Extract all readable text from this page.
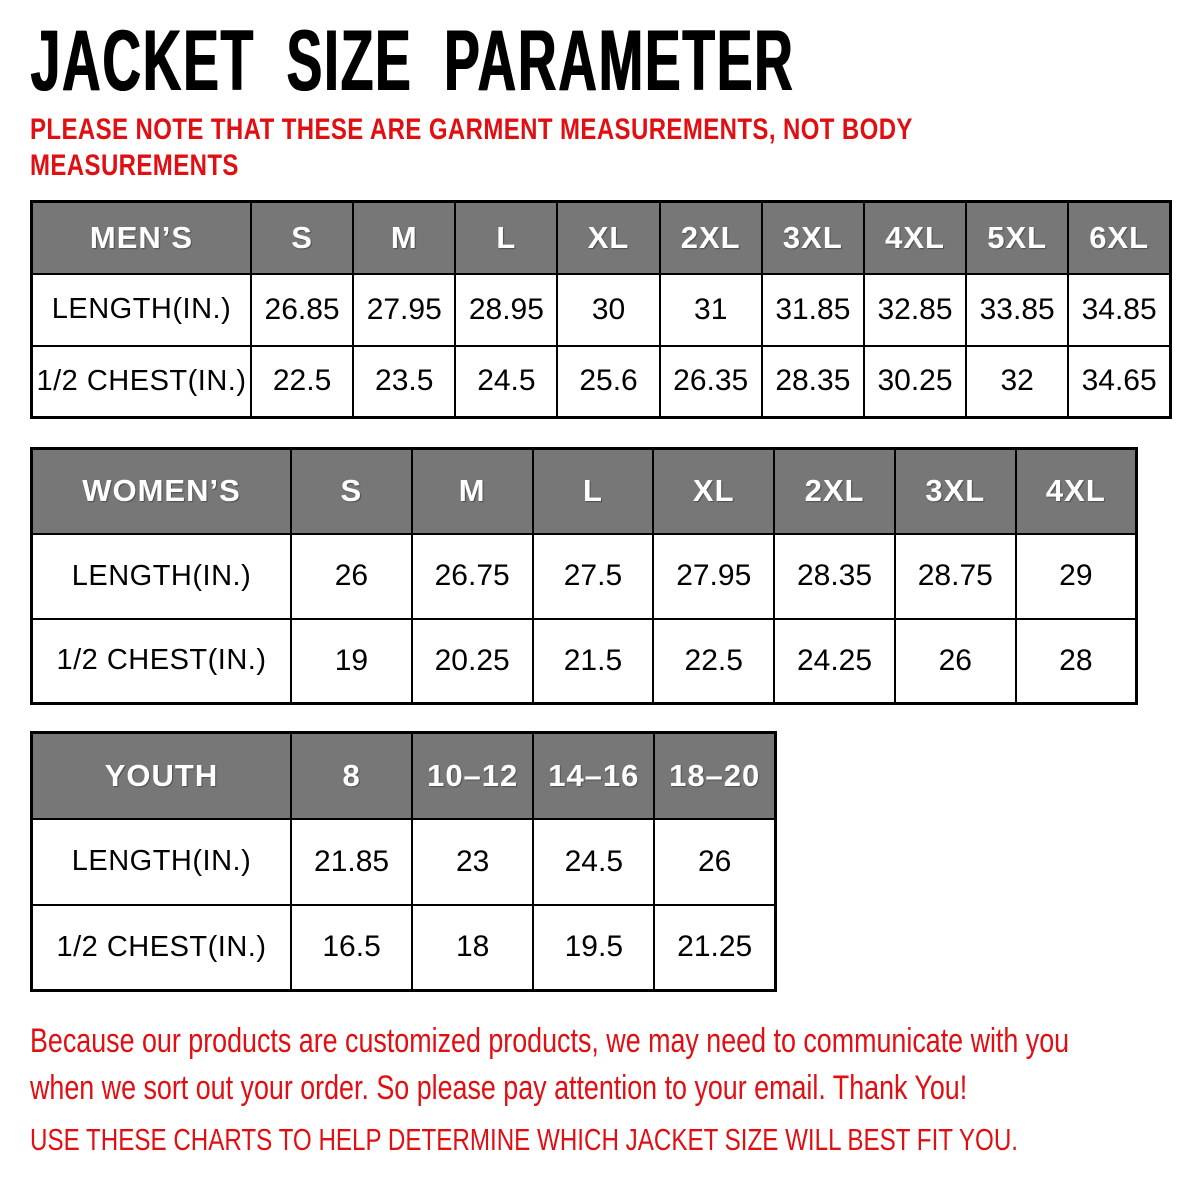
JACKET SIZE PARAMETER
PLEASE NOTE THAT THESE ARE GARMENT MEASUREMENTS, NOT BODY MEASUREMENTS
MEN’S	S	M	L	XL	2XL	3XL	4XL	5XL	6XL
LENGTH(IN.)	26.85	27.95	28.95	30	31	31.85	32.85	33.85	34.85
1/2 CHEST(IN.)	22.5	23.5	24.5	25.6	26.35	28.35	30.25	32	34.65
WOMEN’S	S	M	L	XL	2XL	3XL	4XL
LENGTH(IN.)	26	26.75	27.5	27.95	28.35	28.75	29
1/2 CHEST(IN.)	19	20.25	21.5	22.5	24.25	26	28
YOUTH	8	10–12	14–16	18–20
LENGTH(IN.)	21.85	23	24.5	26
1/2 CHEST(IN.)	16.5	18	19.5	21.25
Because our products are customized products, we may need to communicate with you
when we sort out your order. So please pay attention to your email. Thank You!
USE THESE CHARTS TO HELP DETERMINE WHICH JACKET SIZE WILL BEST FIT YOU.
